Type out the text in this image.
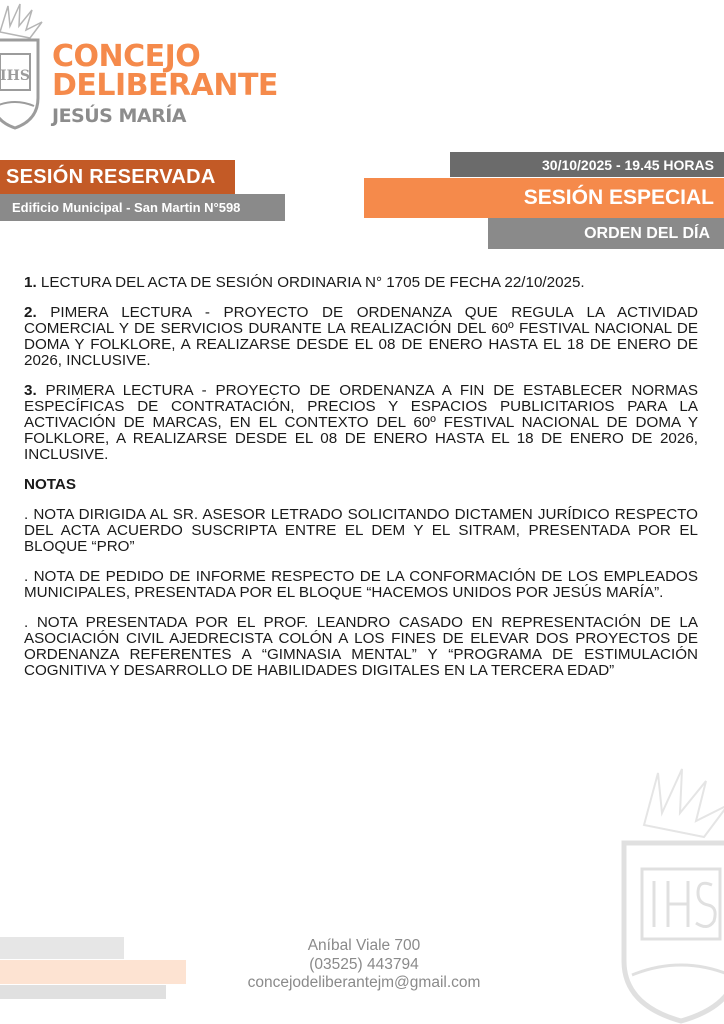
IHS
CONCEJO
DELIBERANTE
JESÚS MARÍA
SESIÓN RESERVADA
Edificio Municipal - San Martin N°598
30/10/2025 - 19.45 HORAS
SESIÓN ESPECIAL
ORDEN DEL DÍA

1. LECTURA DEL ACTA DE SESIÓN ORDINARIA N° 1705 DE FECHA 22/10/2025.

2. PIMERA LECTURA - PROYECTO DE ORDENANZA QUE REGULA LA ACTIVIDAD COMERCIAL Y DE SERVICIOS DURANTE LA REALIZACIÓN DEL 60º FESTIVAL NACIONAL DE DOMA Y FOLKLORE, A REALIZARSE DESDE EL 08 DE ENERO HASTA EL 18 DE ENERO DE 2026, INCLUSIVE.

3. PRIMERA LECTURA - PROYECTO DE ORDENANZA A FIN DE ESTABLECER NORMAS ESPECÍFICAS DE CONTRATACIÓN, PRECIOS Y ESPACIOS PUBLICITARIOS PARA LA ACTIVACIÓN DE MARCAS, EN EL CONTEXTO DEL 60º FESTIVAL NACIONAL DE DOMA Y FOLKLORE, A REALIZARSE DESDE EL 08 DE ENERO HASTA EL 18 DE ENERO DE 2026, INCLUSIVE.

NOTAS

. NOTA DIRIGIDA AL SR. ASESOR LETRADO SOLICITANDO DICTAMEN JURÍDICO RESPECTO DEL ACTA ACUERDO SUSCRIPTA ENTRE EL DEM Y EL SITRAM, PRESENTADA POR EL BLOQUE “PRO”

. NOTA DE PEDIDO DE INFORME RESPECTO DE LA CONFORMACIÓN DE LOS EMPLEADOS MUNICIPALES, PRESENTADA POR EL BLOQUE “HACEMOS UNIDOS POR JESÚS MARÍA”.

. NOTA PRESENTADA POR EL PROF. LEANDRO CASADO EN REPRESENTACIÓN DE LA ASOCIACIÓN CIVIL AJEDRECISTA COLÓN A LOS FINES DE ELEVAR DOS PROYECTOS DE ORDENANZA REFERENTES A “GIMNASIA MENTAL” Y “PROGRAMA DE ESTIMULACIÓN COGNITIVA Y DESARROLLO DE HABILIDADES DIGITALES EN LA TERCERA EDAD”

Aníbal Viale 700
(03525) 443794
concejodeliberantejm@gmail.com
